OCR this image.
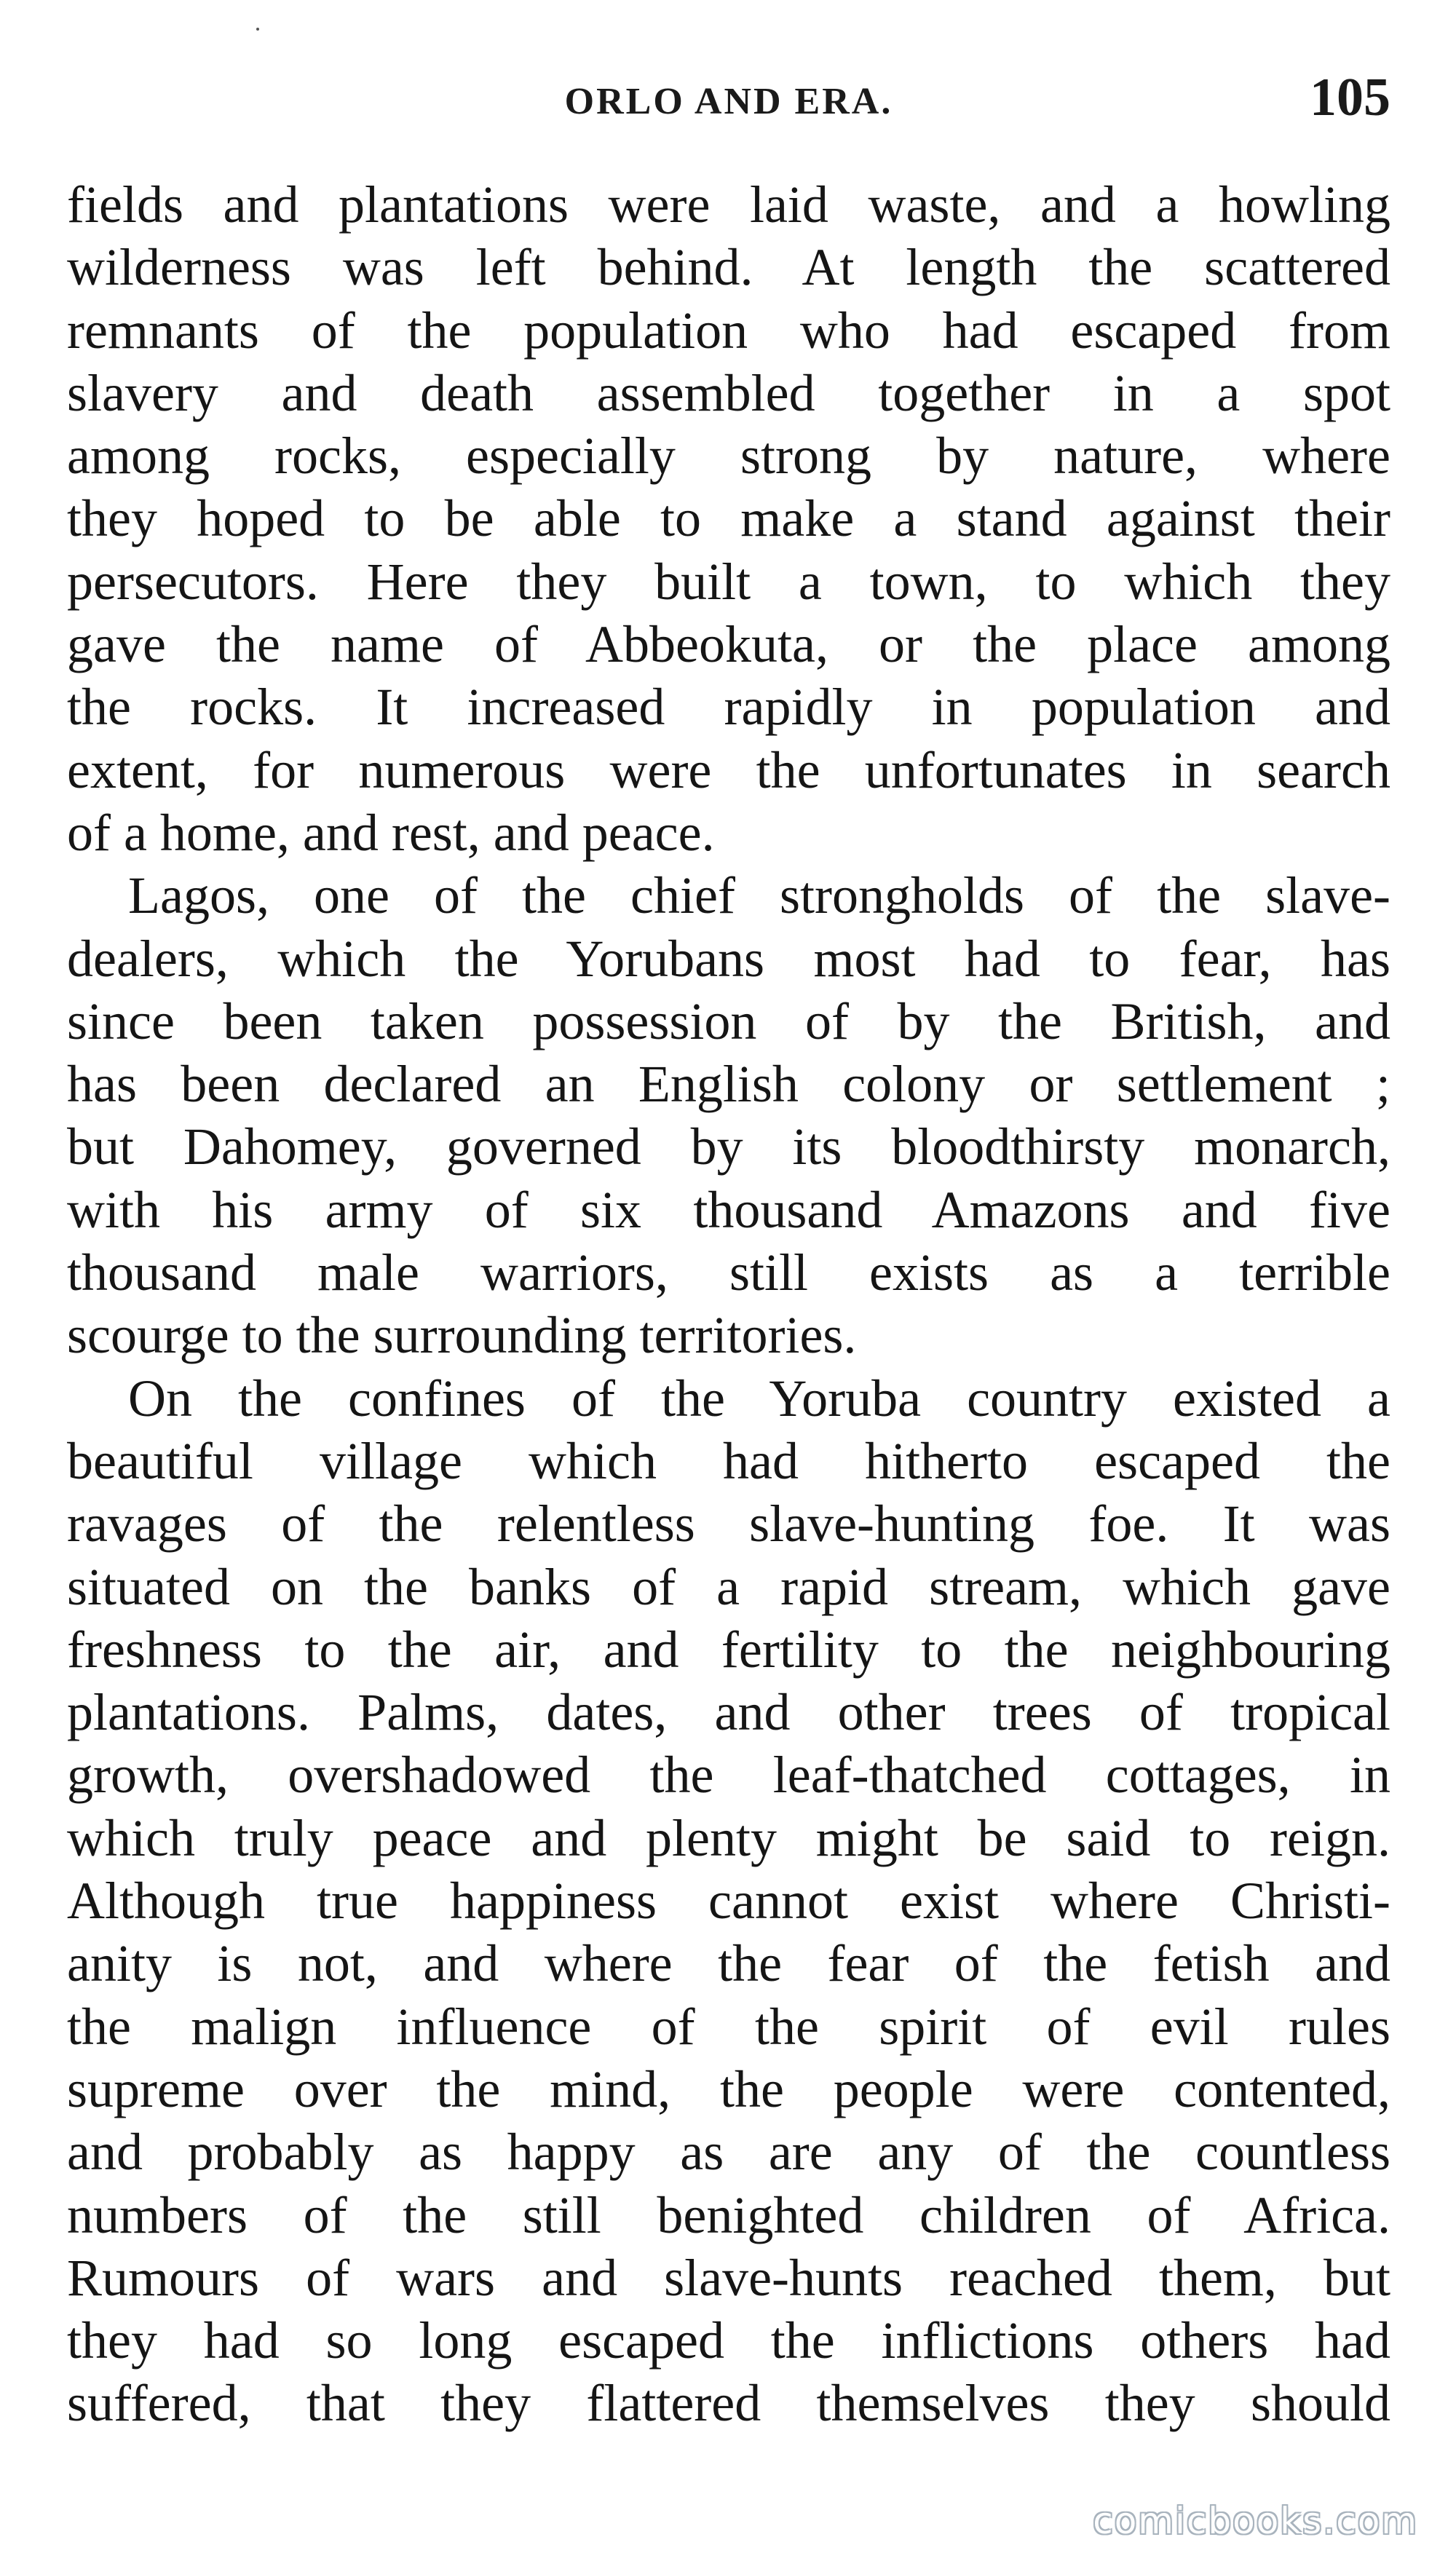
ORLO AND ERA.	105
fields and plantations were laid waste, and a howling
wilderness was left behind. At length the scattered
remnants of the population who had escaped from
slavery and death assembled together in a spot
among rocks, especially strong by nature, where
they hoped to be able to make a stand against their
persecutors. Here they built a town, to which they
gave the name of Abbeokuta, or the place among
the rocks. It increased rapidly in population and
extent, for numerous were the unfortunates in search
of a home, and rest, and peace.
Lagos, one of the chief strongholds of the slave-
dealers, which the Yorubans most had to fear, has
since been taken possession of by the British, and
has been declared an English colony or settlement ;
but Dahomey, governed by its bloodthirsty monarch,
with his army of six thousand Amazons and five
thousand male warriors, still exists as a terrible
scourge to the surrounding territories.
On the confines of the Yoruba country existed a
beautiful village which had hitherto escaped the
ravages of the relentless slave-hunting foe. It was
situated on the banks of a rapid stream, which gave
freshness to the air, and fertility to the neighbouring
plantations. Palms, dates, and other trees of tropical
growth, overshadowed the leaf-thatched cottages, in
which truly peace and plenty might be said to reign.
Although true happiness cannot exist where Christi-
anity is not, and where the fear of the fetish and
the malign influence of the spirit of evil rules
supreme over the mind, the people were contented,
and probably as happy as are any of the countless
numbers of the still benighted children of Africa.
Rumours of wars and slave-hunts reached them, but
they had so long escaped the inflictions others had
suffered, that they flattered themselves they should
comicbooks.com
